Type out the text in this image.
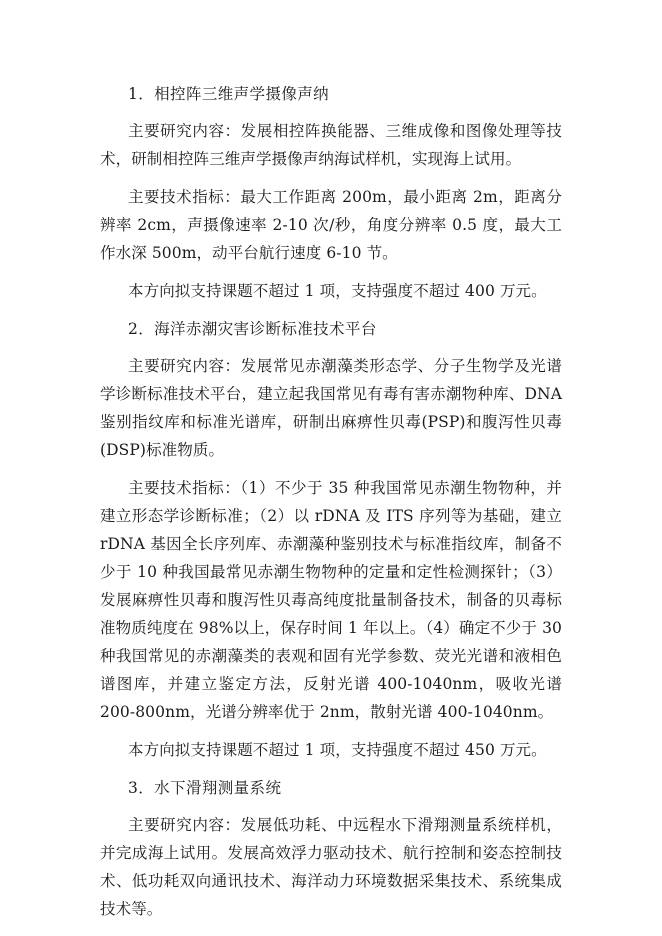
1．相控阵三维声学摄像声纳
主要研究内容：发展相控阵换能器、三维成像和图像处理等技术，研制相控阵三维声学摄像声纳海试样机，实现海上试用。
主要技术指标：最大工作距离 200m，最小距离 2m，距离分辨率 2cm，声摄像速率 2-10 次/秒，角度分辨率 0.5 度，最大工作水深 500m，动平台航行速度 6-10 节。
本方向拟支持课题不超过 1 项，支持强度不超过 400 万元。
2．海洋赤潮灾害诊断标准技术平台
主要研究内容：发展常见赤潮藻类形态学、分子生物学及光谱学诊断标准技术平台，建立起我国常见有毒有害赤潮物种库、DNA 鉴别指纹库和标准光谱库，研制出麻痹性贝毒(PSP)和腹泻性贝毒(DSP)标准物质。
主要技术指标：（1）不少于 35 种我国常见赤潮生物物种，并建立形态学诊断标准；（2）以 rDNA 及 ITS 序列等为基础，建立 rDNA 基因全长序列库、赤潮藻种鉴别技术与标准指纹库，制备不少于 10 种我国最常见赤潮生物物种的定量和定性检测探针；（3）发展麻痹性贝毒和腹泻性贝毒高纯度批量制备技术，制备的贝毒标准物质纯度在 98%以上，保存时间 1 年以上。（4）确定不少于 30 种我国常见的赤潮藻类的表观和固有光学参数、荧光光谱和液相色谱图库，并建立鉴定方法，反射光谱 400-1040nm，吸收光谱 200-800nm，光谱分辨率优于 2nm，散射光谱 400-1040nm。
本方向拟支持课题不超过 1 项，支持强度不超过 450 万元。
3．水下滑翔测量系统
主要研究内容：发展低功耗、中远程水下滑翔测量系统样机，并完成海上试用。发展高效浮力驱动技术、航行控制和姿态控制技术、低功耗双向通讯技术、海洋动力环境数据采集技术、系统集成技术等。
